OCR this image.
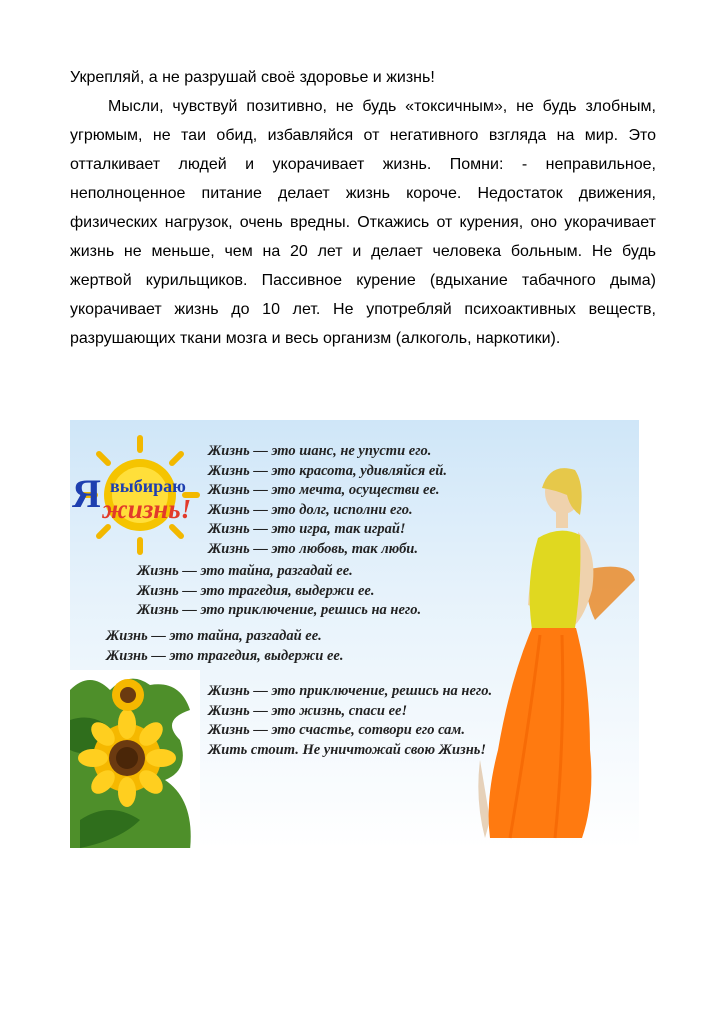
Укрепляй, а не разрушай своё здоровье и жизнь!

Мысли, чувствуй позитивно, не будь «токсичным», не будь злобным, угрюмым, не таи обид, избавляйся от негативного взгляда на мир. Это отталкивает людей и укорачивает жизнь. Помни: - неправильное, неполноценное питание делает жизнь короче. Недостаток движения, физических нагрузок, очень вредны. Откажись от курения, оно укорачивает жизнь не меньше, чем на 20 лет и делает человека больным. Не будь жертвой курильщиков. Пассивное курение (вдыхание табачного дыма) укорачивает жизнь до 10 лет. Не употребляй психоактивных веществ, разрушающих ткани мозга и весь организм (алкоголь, наркотики).

Я выбираю
жизнь!
Жизнь — это шанс, не упусти его.
Жизнь — это красота, удивляйся ей.
Жизнь — это мечта, осуществи ее.
Жизнь — это долг, исполни его.
Жизнь — это игра, так играй!
Жизнь — это любовь, так люби.
Жизнь — это тайна, разгадай ее.
Жизнь — это трагедия, выдержи ее.
Жизнь — это приключение, решись на него.
Жизнь — это тайна, разгадай ее.
Жизнь — это трагедия, выдержи ее.
Жизнь — это приключение, решись на него.
Жизнь — это жизнь, спаси ее!
Жизнь — это счастье, сотвори его сам.
Жить стоит. Не уничтожай свою Жизнь!
